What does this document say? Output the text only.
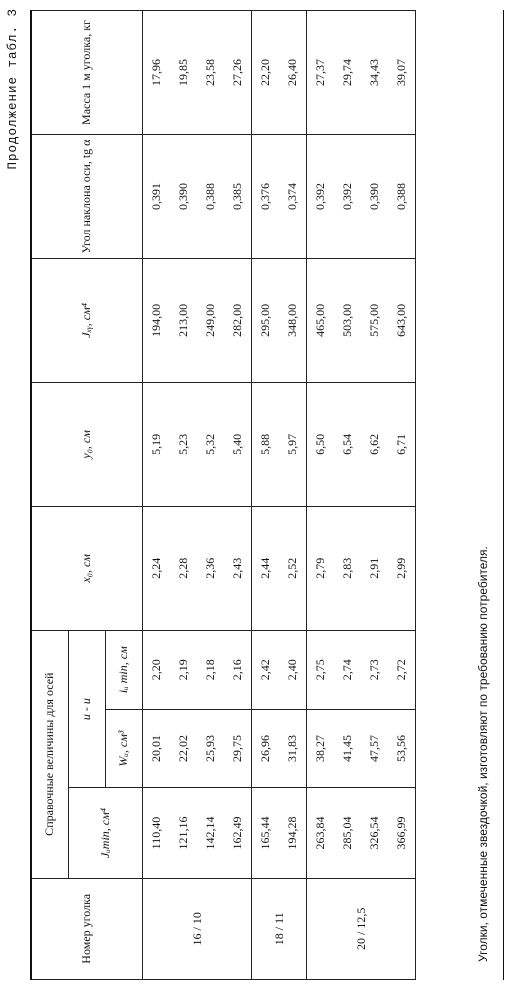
Продолжение табл. 3
Номер уголка	Справочные величины для осей			x₀, см	y₀, см	Jₓᵧ, см⁴	Угол наклона оси, tg α	Масса 1 м уголка, кг
	Jᵤmin, см⁴	u - u						
		Wᵤ, см³	iᵤ min, см					
16 / 10	110,40	20,01	2,20	2,24	5,19	194,00	0,391	17,96
	121,16	22,02	2,19	2,28	5,23	213,00	0,390	19,85
	142,14	25,93	2,18	2,36	5,32	249,00	0,388	23,58
	162,49	29,75	2,16	2,43	5,40	282,00	0,385	27,26
18 / 11	165,44	26,96	2,42	2,44	5,88	295,00	0,376	22,20
	194,28	31,83	2,40	2,52	5,97	348,00	0,374	26,40
20 / 12,5	263,84	38,27	2,75	2,79	6,50	465,00	0,392	27,37
	285,04	41,45	2,74	2,83	6,54	503,00	0,392	29,74
	326,54	47,57	2,73	2,91	6,62	575,00	0,390	34,43
	366,99	53,56	2,72	2,99	6,71	643,00	0,388	39,07
Уголки, отмеченные звездочкой, изготовляют по требованию потребителя.
